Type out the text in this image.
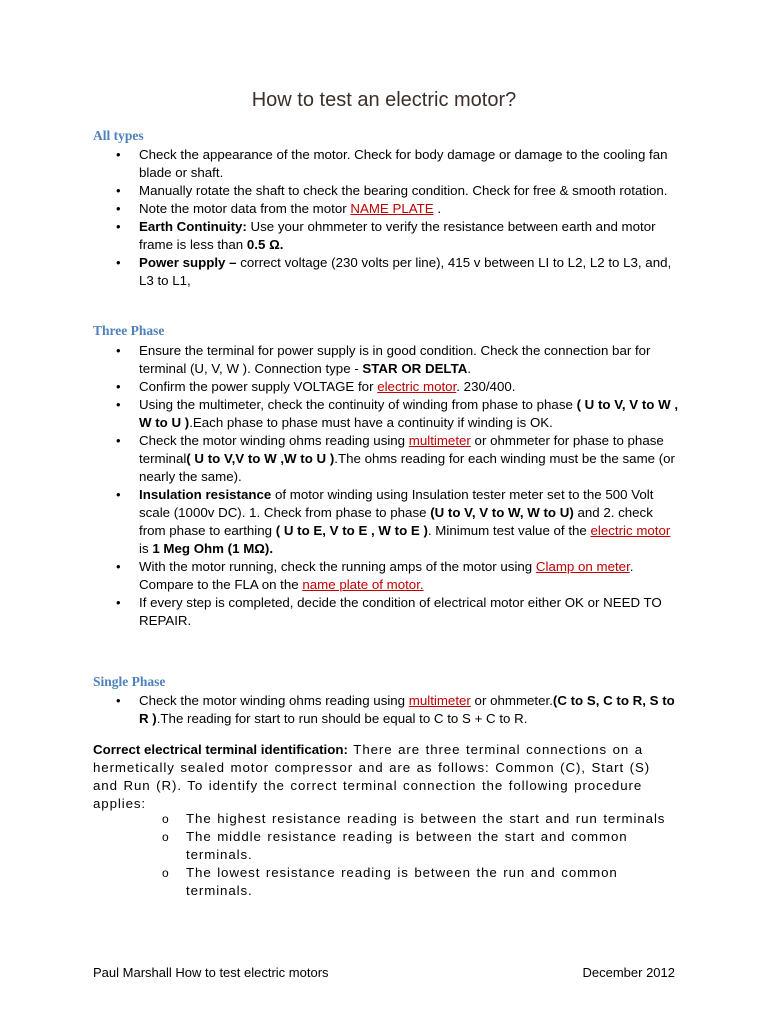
How to test an electric motor?
All types
• Check the appearance of the motor. Check for body damage or damage to the cooling fan blade or shaft.
• Manually rotate the shaft to check the bearing condition. Check for free & smooth rotation.
• Note the motor data from the motor NAME PLATE .
• Earth Continuity: Use your ohmmeter to verify the resistance between earth and motor frame is less than 0.5 Ω.
• Power supply – correct voltage (230 volts per line), 415 v between LI to L2, L2 to L3, and, L3 to L1,
Three Phase
• Ensure the terminal for power supply is in good condition. Check the connection bar for terminal (U, V, W ). Connection type - STAR OR DELTA.
• Confirm the power supply VOLTAGE for electric motor. 230/400.
• Using the multimeter, check the continuity of winding from phase to phase ( U to V, V to W , W to U ).Each phase to phase must have a continuity if winding is OK.
• Check the motor winding ohms reading using multimeter or ohmmeter for phase to phase terminal( U to V,V to W ,W to U ).The ohms reading for each winding must be the same (or nearly the same).
• Insulation resistance of motor winding using Insulation tester meter set to the 500 Volt scale (1000v DC). 1. Check from phase to phase (U to V, V to W, W to U) and 2. check from phase to earthing ( U to E, V to E , W to E ). Minimum test value of the electric motor is 1 Meg Ohm (1 MΩ).
• With the motor running, check the running amps of the motor using Clamp on meter. Compare to the FLA on the name plate of motor.
• If every step is completed, decide the condition of electrical motor either OK or NEED TO REPAIR.
Single Phase
• Check the motor winding ohms reading using multimeter or ohmmeter.(C to S, C to R, S to R ).The reading for start to run should be equal to C to S + C to R.
Correct electrical terminal identification: There are three terminal connections on a hermetically sealed motor compressor and are as follows: Common (C), Start (S) and Run (R). To identify the correct terminal connection the following procedure applies:
o The highest resistance reading is between the start and run terminals
o The middle resistance reading is between the start and common terminals.
o The lowest resistance reading is between the run and common terminals.
Paul Marshall How to test electric motors	December 2012
